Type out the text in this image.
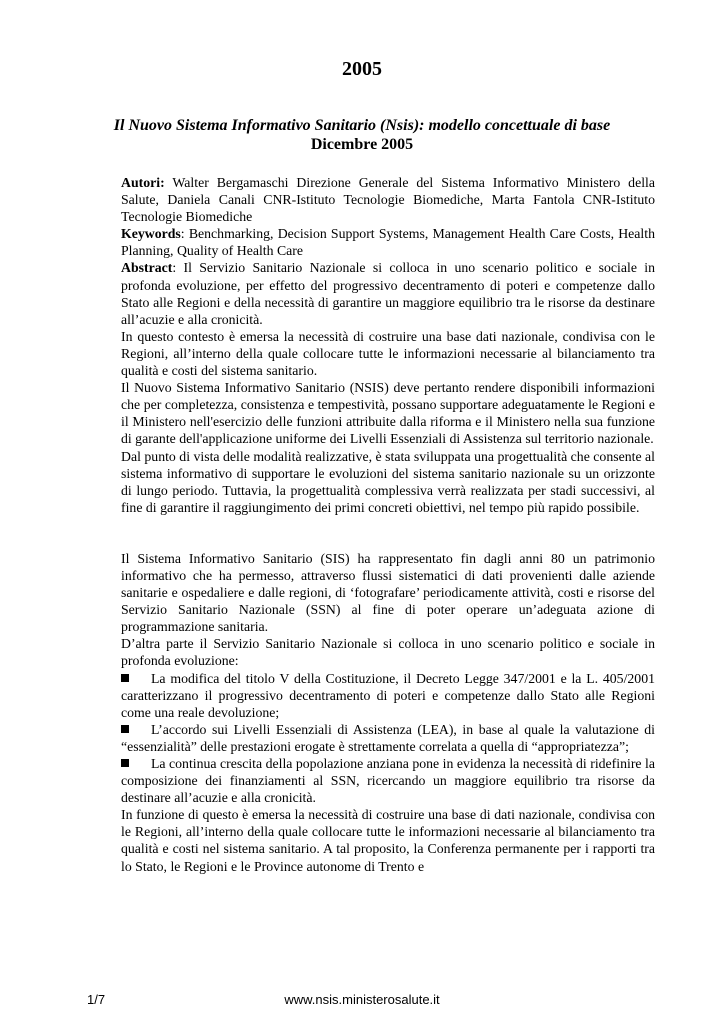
2005
Il Nuovo Sistema Informativo Sanitario (Nsis): modello concettuale di base
Dicembre 2005

Autori: Walter Bergamaschi Direzione Generale del Sistema Informativo Ministero della Salute, Daniela Canali CNR-Istituto Tecnologie Biomediche, Marta Fantola CNR-Istituto Tecnologie Biomediche

Keywords: Benchmarking, Decision Support Systems, Management Health Care Costs, Health Planning, Quality of Health Care

Abstract: Il Servizio Sanitario Nazionale si colloca in uno scenario politico e sociale in profonda evoluzione, per effetto del progressivo decentramento di poteri e competenze dallo Stato alle Regioni e della necessità di garantire un maggiore equilibrio tra le risorse da destinare all’acuzie e alla cronicità.

In questo contesto è emersa la necessità di costruire una base dati nazionale, condivisa con le Regioni, all’interno della quale collocare tutte le informazioni necessarie al bilanciamento tra qualità e costi del sistema sanitario.

Il Nuovo Sistema Informativo Sanitario (NSIS) deve pertanto rendere disponibili informazioni che per completezza, consistenza e tempestività, possano supportare adeguatamente le Regioni e il Ministero nell'esercizio delle funzioni attribuite dalla riforma e il Ministero nella sua funzione di garante dell'applicazione uniforme dei Livelli Essenziali di Assistenza sul territorio nazionale.

Dal punto di vista delle modalità realizzative, è stata sviluppata una progettualità che consente al sistema informativo di supportare le evoluzioni del sistema sanitario nazionale su un orizzonte di lungo periodo. Tuttavia, la progettualità complessiva verrà realizzata per stadi successivi, al fine di garantire il raggiungimento dei primi concreti obiettivi, nel tempo più rapido possibile.

Il Sistema Informativo Sanitario (SIS) ha rappresentato fin dagli anni 80 un patrimonio informativo che ha permesso, attraverso flussi sistematici di dati provenienti dalle aziende sanitarie e ospedaliere e dalle regioni, di ‘fotografare’ periodicamente attività, costi e risorse del Servizio Sanitario Nazionale (SSN) al fine di poter operare un’adeguata azione di programmazione sanitaria.

D’altra parte il Servizio Sanitario Nazionale si colloca in uno scenario politico e sociale in profonda evoluzione:

La modifica del titolo V della Costituzione, il Decreto Legge 347/2001 e la L. 405/2001 caratterizzano il progressivo decentramento di poteri e competenze dallo Stato alle Regioni come una reale devoluzione;

L’accordo sui Livelli Essenziali di Assistenza (LEA), in base al quale la valutazione di “essenzialità” delle prestazioni erogate è strettamente correlata a quella di “appropriatezza”;

La continua crescita della popolazione anziana pone in evidenza la necessità di ridefinire la composizione dei finanziamenti al SSN, ricercando un maggiore equilibrio tra risorse da destinare all’acuzie e alla cronicità.

In funzione di questo è emersa la necessità di costruire una base di dati nazionale, condivisa con le Regioni, all’interno della quale collocare tutte le informazioni necessarie al bilanciamento tra qualità e costi nel sistema sanitario. A tal proposito, la Conferenza permanente per i rapporti tra lo Stato, le Regioni e le Province autonome di Trento e

1/7	www.nsis.ministerosalute.it
